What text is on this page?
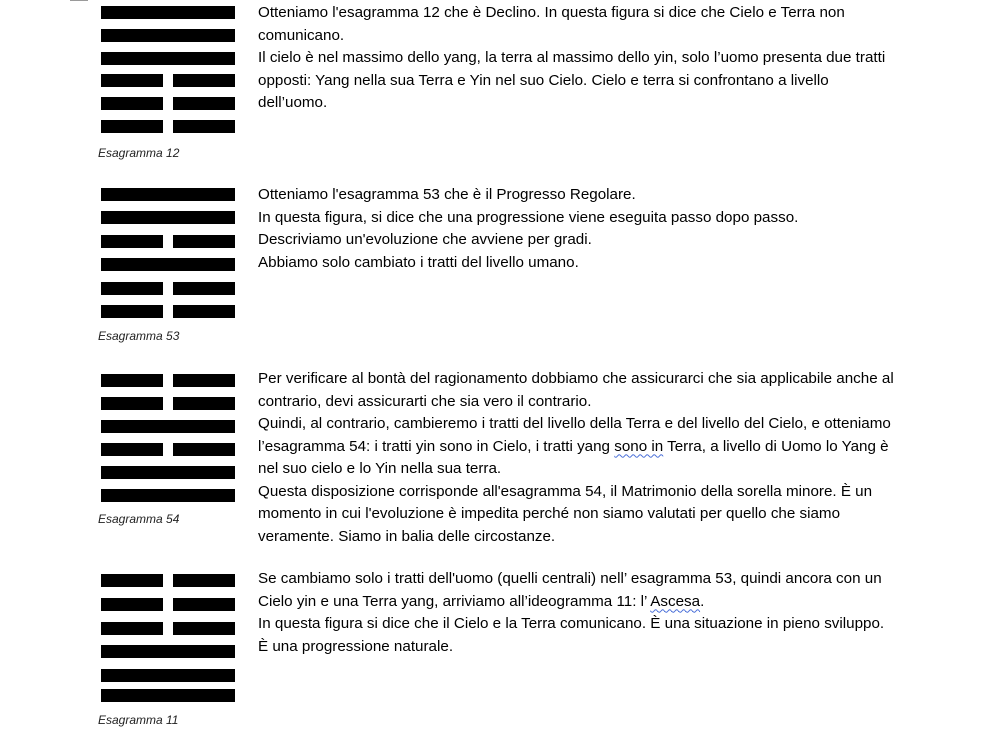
Esagramma 12

Otteniamo l'esagramma 12 che è Declino. In questa figura si dice che Cielo e Terra non comunicano.

Il cielo è nel massimo dello yang, la terra al massimo dello yin, solo l’uomo presenta due tratti opposti: Yang nella sua Terra e Yin nel suo Cielo. Cielo e terra si confrontano a livello dell’uomo.

Esagramma 53

Otteniamo l'esagramma 53 che è il Progresso Regolare.

In questa figura, si dice che una progressione viene eseguita passo dopo passo.

Descriviamo un'evoluzione che avviene per gradi.

Abbiamo solo cambiato i tratti del livello umano.

Esagramma 54

Per verificare al bontà del ragionamento dobbiamo che assicurarci che sia applicabile anche al contrario, devi assicurarti che sia vero il contrario.

Quindi, al contrario, cambieremo i tratti del livello della Terra e del livello del Cielo, e otteniamo l’esagramma 54: i tratti yin sono in Cielo, i tratti yang sono in Terra, a livello di Uomo lo Yang è nel suo cielo e lo Yin nella sua terra.

Questa disposizione corrisponde all'esagramma 54, il Matrimonio della sorella minore. È un momento in cui l'evoluzione è impedita perché non siamo valutati per quello che siamo veramente. Siamo in balia delle circostanze.

Esagramma 11

Se cambiamo solo i tratti dell'uomo (quelli centrali) nell’ esagramma 53, quindi ancora con un Cielo yin e una Terra yang, arriviamo all’ideogramma 11: l’ Ascesa.

In questa figura si dice che il Cielo e la Terra comunicano. È una situazione in pieno sviluppo. È una progressione naturale.
